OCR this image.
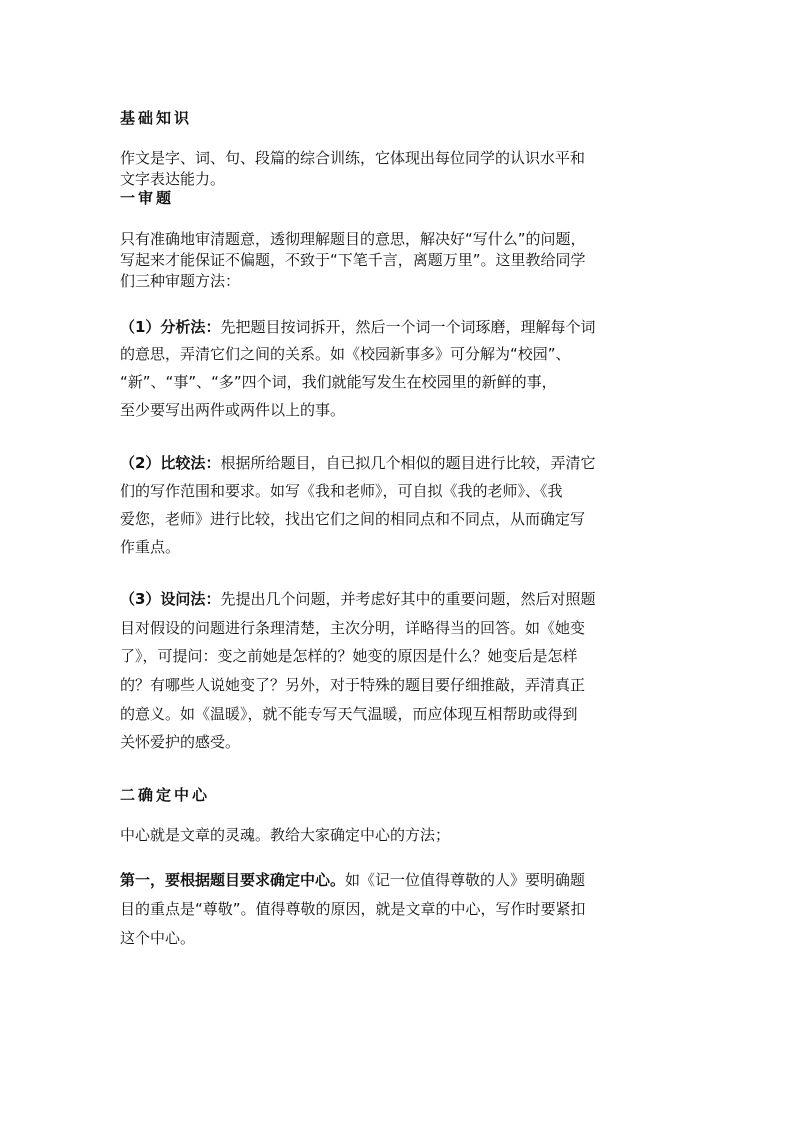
基础知识
作文是字、词、句、段篇的综合训练，它体现出每位同学的认识水平和
文字表达能力。
一审题
只有准确地审清题意，透彻理解题目的意思，解决好“写什么”的问题，
写起来才能保证不偏题，不致于“下笔千言，离题万里”。这里教给同学
们三种审题方法：
（1）分析法：先把题目按词拆开，然后一个词一个词琢磨，理解每个词
的意思，弄清它们之间的关系。如《校园新事多》可分解为“校园”、
“新”、“事”、“多”四个词，我们就能写发生在校园里的新鲜的事，
至少要写出两件或两件以上的事。
（2）比较法：根据所给题目，自已拟几个相似的题目进行比较，弄清它
们的写作范围和要求。如写《我和老师》，可自拟《我的老师》、《我
爱您，老师》进行比较，找出它们之间的相同点和不同点，从而确定写
作重点。
（3）设问法：先提出几个问题，并考虑好其中的重要问题，然后对照题
目对假设的问题进行条理清楚，主次分明，详略得当的回答。如《她变
了》，可提问：变之前她是怎样的？她变的原因是什么？她变后是怎样
的？有哪些人说她变了？另外，对于特殊的题目要仔细推敲，弄清真正
的意义。如《温暖》，就不能专写天气温暖，而应体现互相帮助或得到
关怀爱护的感受。
二确定中心
中心就是文章的灵魂。教给大家确定中心的方法；
第一，要根据题目要求确定中心。如《记一位值得尊敬的人》要明确题
目的重点是“尊敬”。值得尊敬的原因，就是文章的中心，写作时要紧扣
这个中心。
